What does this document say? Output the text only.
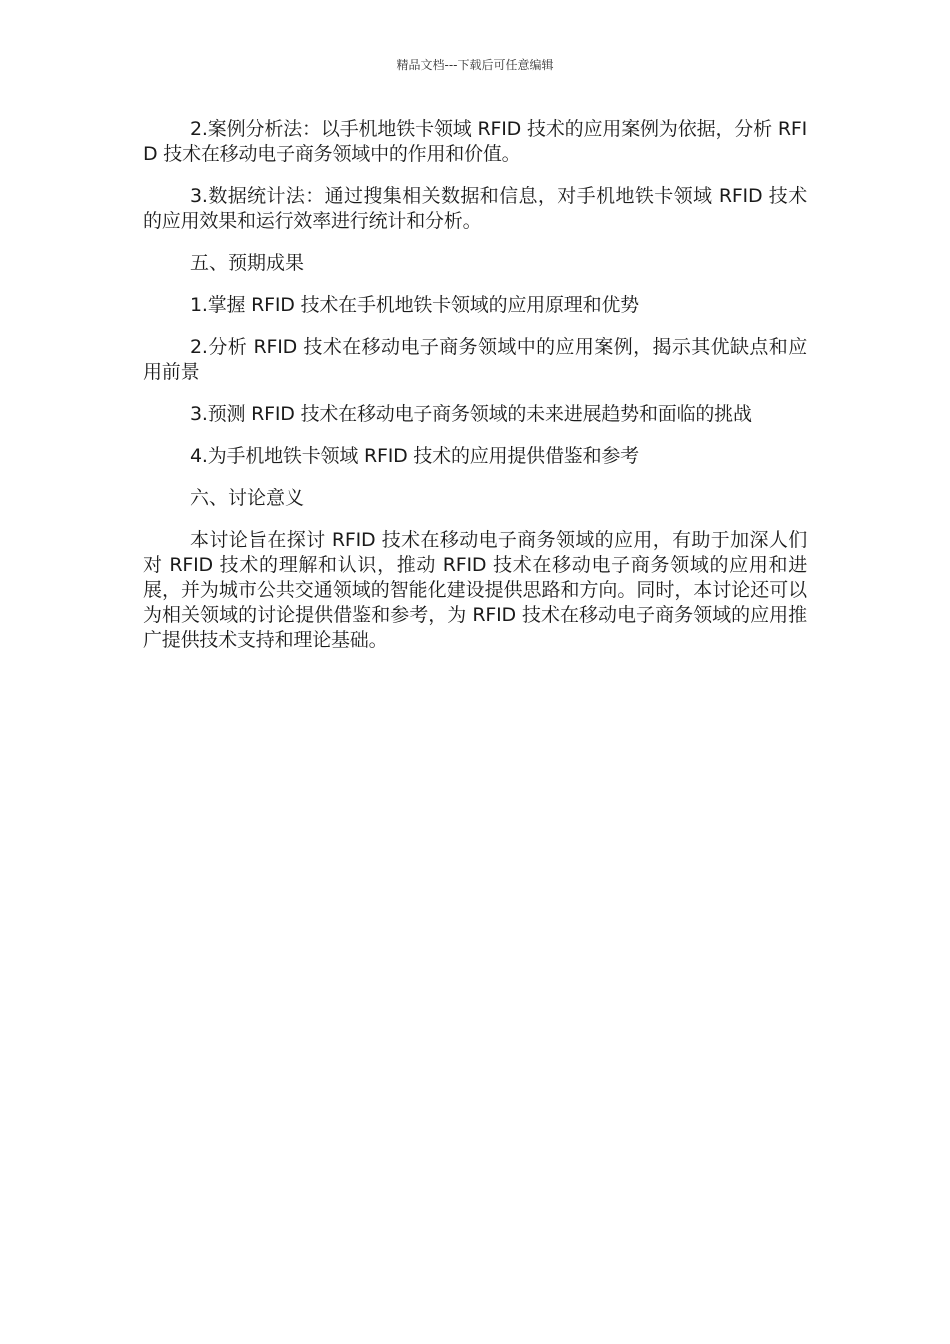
精品文档---下载后可任意编辑

2.案例分析法：以手机地铁卡领域 RFID 技术的应用案例为依据，分析 RFID 技术在移动电子商务领域中的作用和价值。

3.数据统计法：通过搜集相关数据和信息，对手机地铁卡领域 RFID 技术的应用效果和运行效率进行统计和分析。

五、预期成果

1.掌握 RFID 技术在手机地铁卡领域的应用原理和优势

2.分析 RFID 技术在移动电子商务领域中的应用案例，揭示其优缺点和应用前景

3.预测 RFID 技术在移动电子商务领域的未来进展趋势和面临的挑战

4.为手机地铁卡领域 RFID 技术的应用提供借鉴和参考

六、讨论意义

本讨论旨在探讨 RFID 技术在移动电子商务领域的应用，有助于加深人们对 RFID 技术的理解和认识，推动 RFID 技术在移动电子商务领域的应用和进展，并为城市公共交通领域的智能化建设提供思路和方向。同时，本讨论还可以为相关领域的讨论提供借鉴和参考，为 RFID 技术在移动电子商务领域的应用推广提供技术支持和理论基础。
